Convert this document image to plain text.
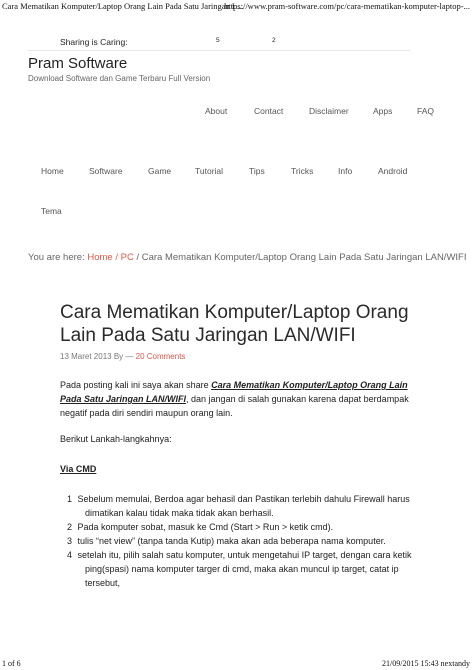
Cara Mematikan Komputer/Laptop Orang Lain Pada Satu Jaringan L...
https://www.pram-software.com/pc/cara-mematikan-komputer-laptop-...
Sharing is Caring:	5	2
Pram Software
Download Software dan Game Terbaru Full Version
About	Contact	Disclaimer	Apps	FAQ
Home	Software	Game	Tutorial	Tips	Tricks	Info	Android
Tema
You are here: Home / PC / Cara Mematikan Komputer/Laptop Orang Lain Pada Satu Jaringan LAN/WIFI
Cara Mematikan Komputer/Laptop Orang Lain Pada Satu Jaringan LAN/WIFI
13 Maret 2013 By — 20 Comments

Pada posting kali ini saya akan share Cara Mematikan Komputer/Laptop Orang Lain Pada Satu Jaringan LAN/WIFI, dan jangan di salah gunakan karena dapat berdampak negatif pada diri sendiri maupun orang lain.

Berikut Lankah-langkahnya:

Via CMD

1 Sebelum memulai, Berdoa agar behasil dan Pastikan terlebih dahulu Firewall harus

dimatikan kalau tidak maka tidak akan berhasil.

2 Pada komputer sobat, masuk ke Cmd (Start > Run > ketik cmd).

3 tulis “net view” (tanpa tanda Kutip) maka akan ada beberapa nama komputer.

4 setelah itu, pilih salah satu komputer, untuk mengetahui IP target, dengan cara ketik

ping(spasi) nama komputer targer di cmd, maka akan muncul ip target, catat ip tersebut,

1 of 6	21/09/2015 15:43 nextandy
